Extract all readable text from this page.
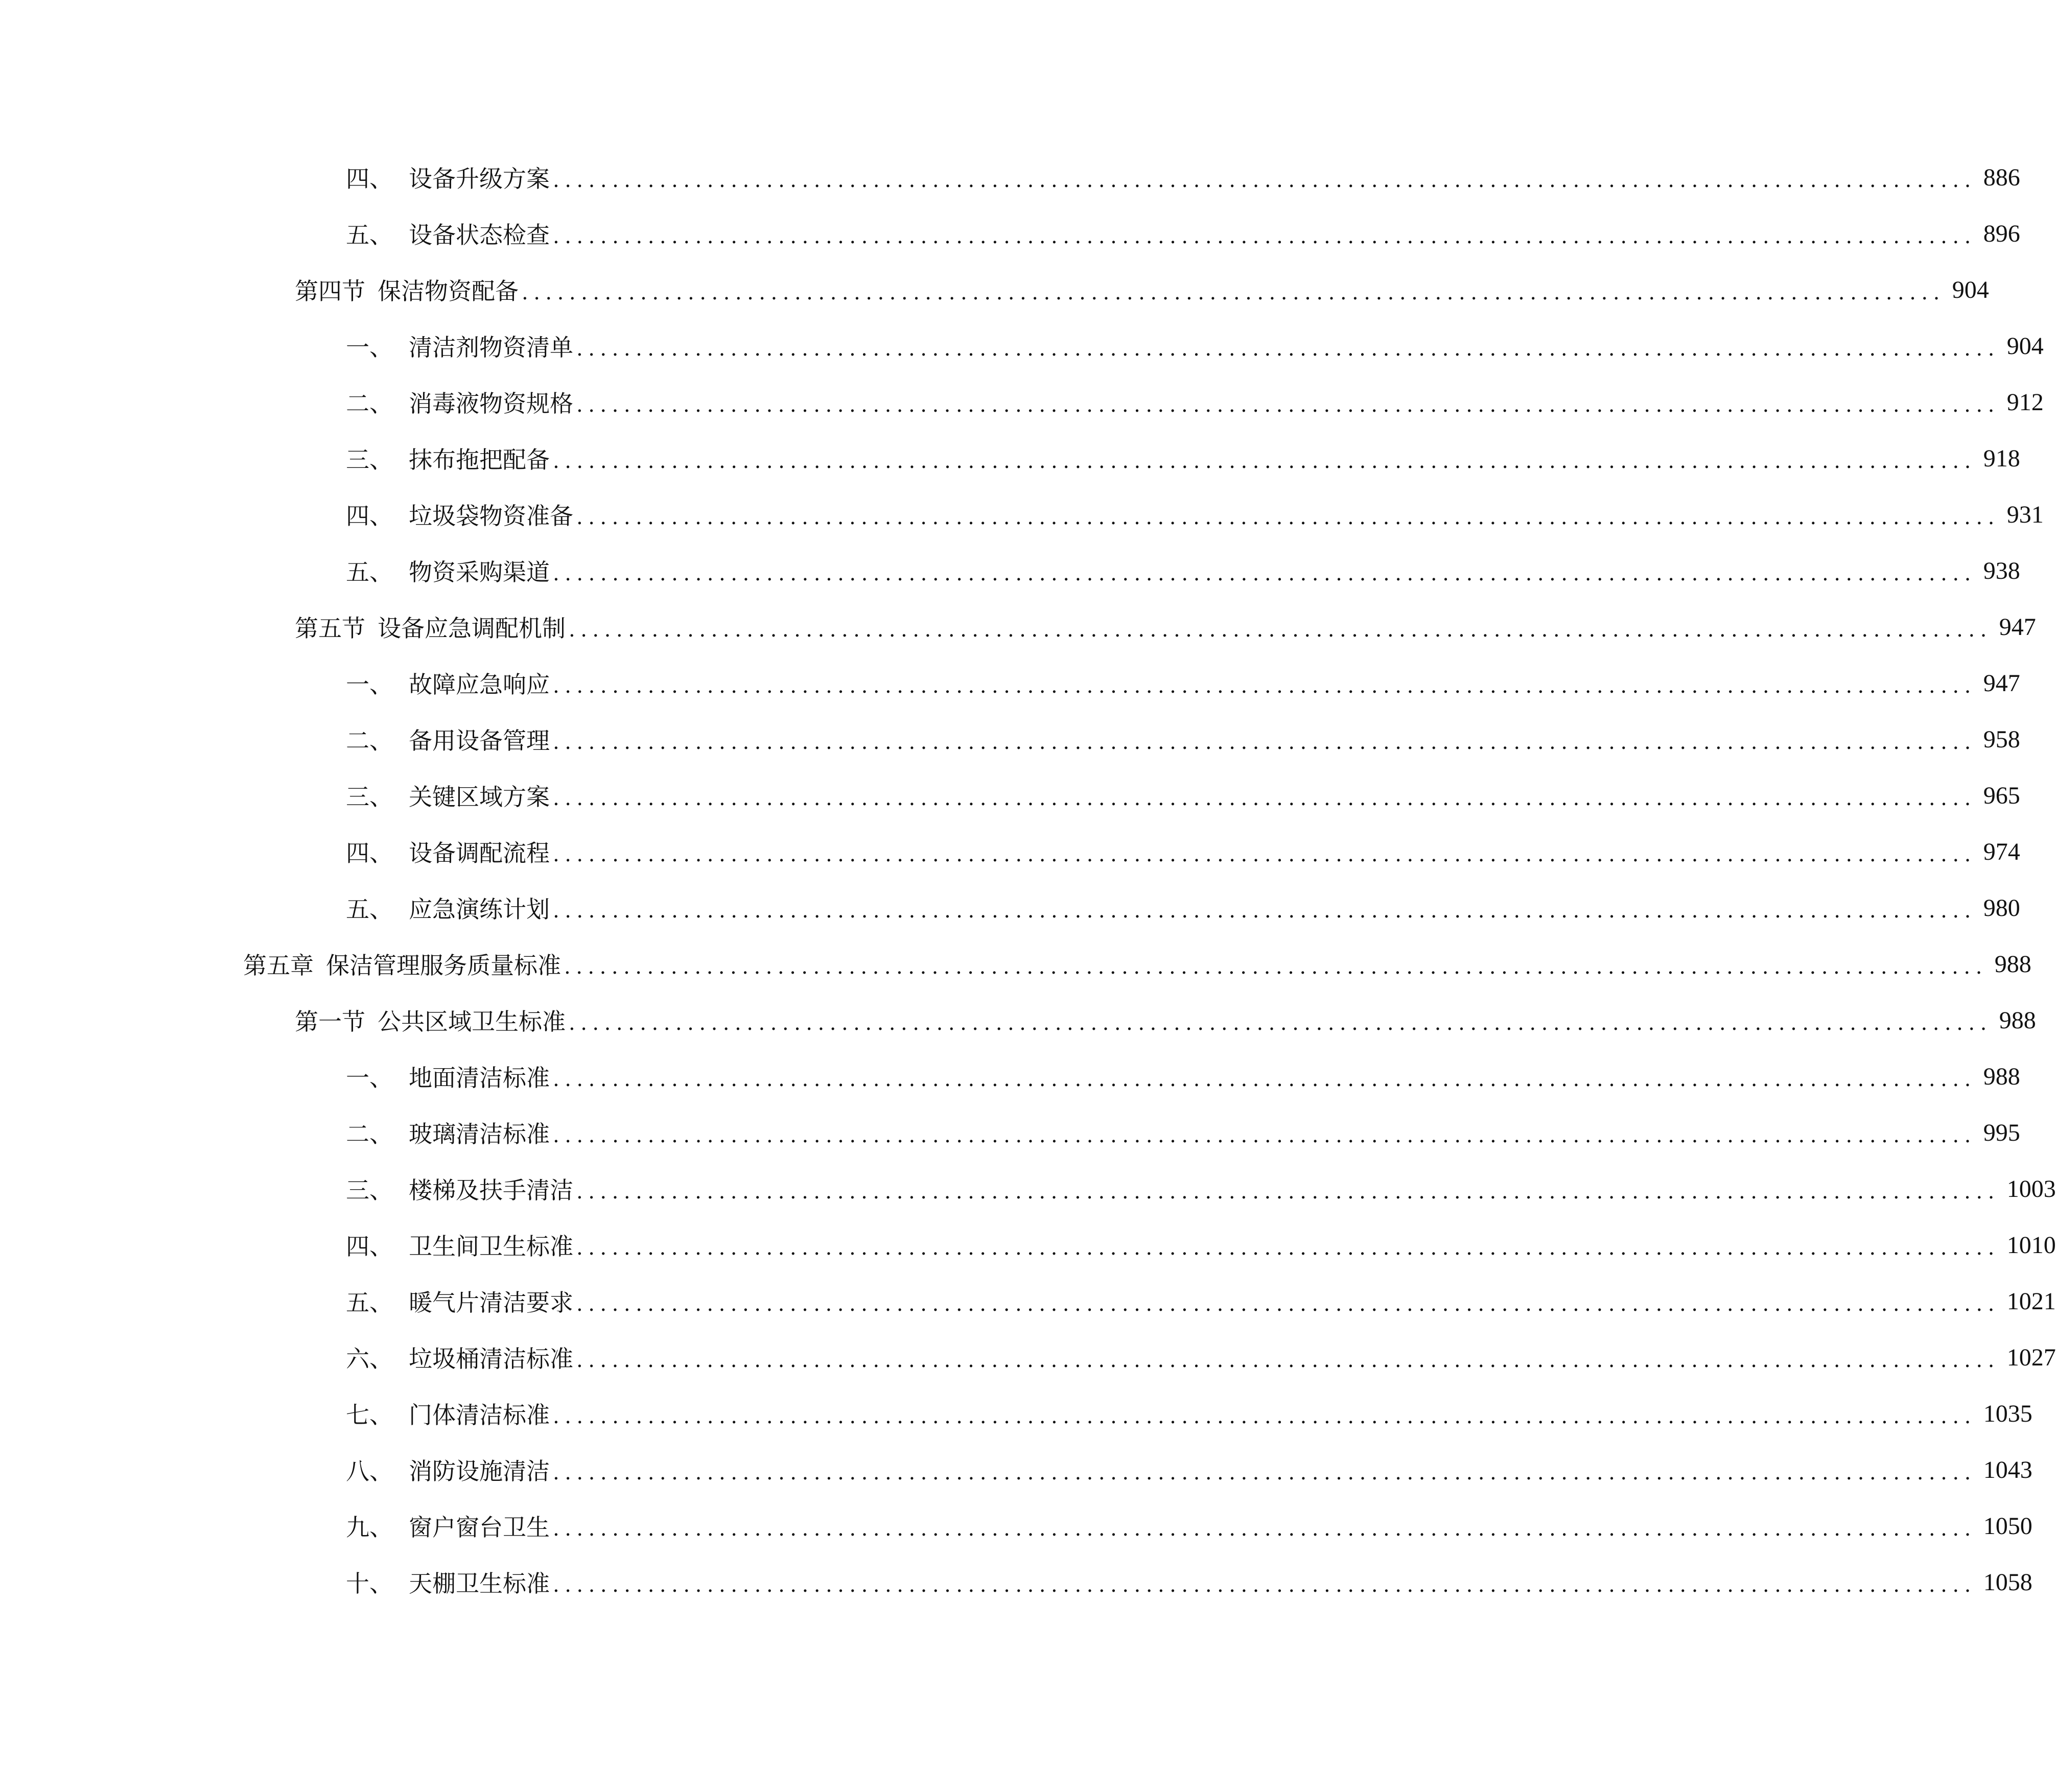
四、 设备升级方案 ........................................................................................................................ 886
五、 设备状态检查 ........................................................................................................................ 896
第四节 保洁物资配备 ........................................................................................................................ 904
一、 清洁剂物资清单 ........................................................................................................................ 904
二、 消毒液物资规格 ........................................................................................................................ 912
三、 抹布拖把配备 ........................................................................................................................ 918
四、 垃圾袋物资准备 ........................................................................................................................ 931
五、 物资采购渠道 ........................................................................................................................ 938
第五节 设备应急调配机制 ........................................................................................................................ 947
一、 故障应急响应 ........................................................................................................................ 947
二、 备用设备管理 ........................................................................................................................ 958
三、 关键区域方案 ........................................................................................................................ 965
四、 设备调配流程 ........................................................................................................................ 974
五、 应急演练计划 ........................................................................................................................ 980
第五章 保洁管理服务质量标准 ........................................................................................................................ 988
第一节 公共区域卫生标准 ........................................................................................................................ 988
一、 地面清洁标准 ........................................................................................................................ 988
二、 玻璃清洁标准 ........................................................................................................................ 995
三、 楼梯及扶手清洁 ........................................................................................................................ 1003
四、 卫生间卫生标准 ........................................................................................................................ 1010
五、 暖气片清洁要求 ........................................................................................................................ 1021
六、 垃圾桶清洁标准 ........................................................................................................................ 1027
七、 门体清洁标准 ........................................................................................................................ 1035
八、 消防设施清洁 ........................................................................................................................ 1043
九、 窗户窗台卫生 ........................................................................................................................ 1050
十、 天棚卫生标准 ........................................................................................................................ 1058
